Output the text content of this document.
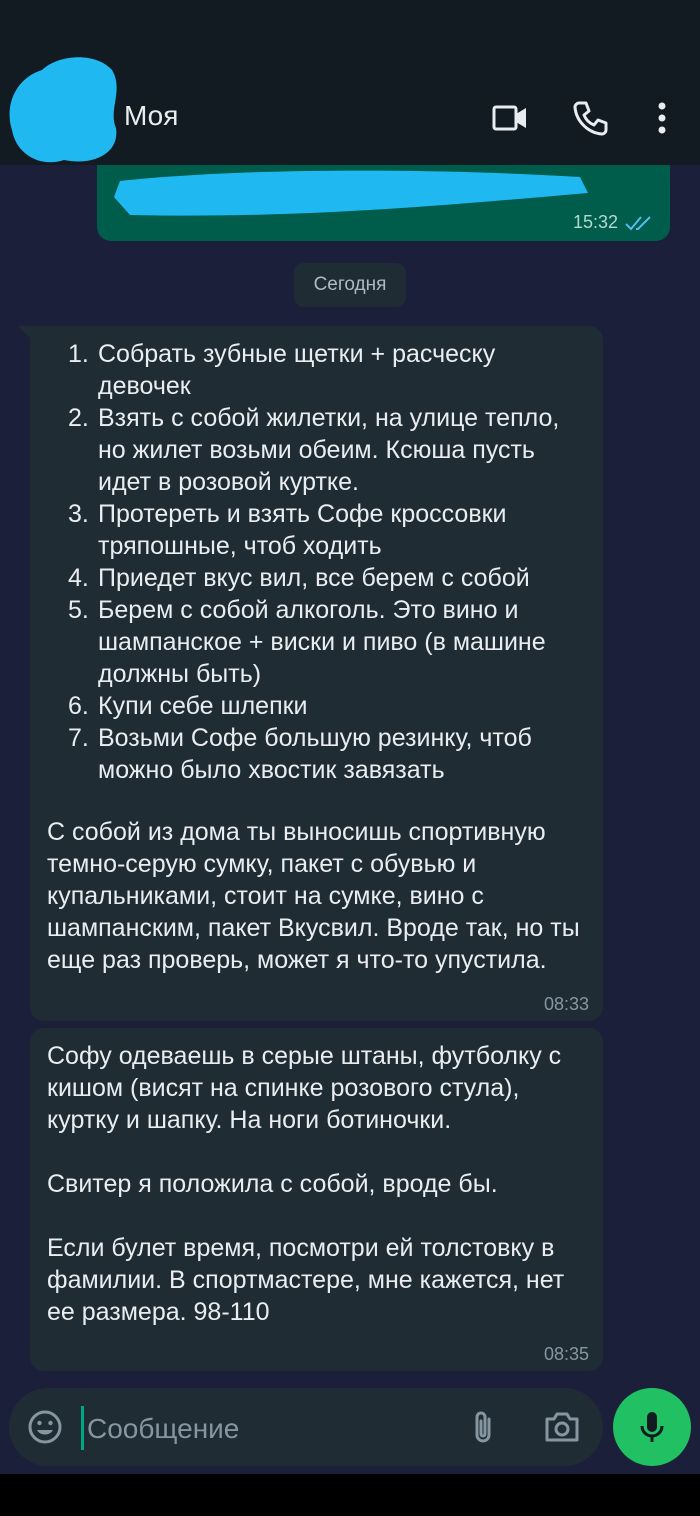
Моя
15:32
Сегодня
1. Собрать зубные щетки + расческу девочек
2. Взять с собой жилетки, на улице тепло, но жилет возьми обеим. Ксюша пусть идет в розовой куртке.
3. Протереть и взять Софе кроссовки тряпошные, чтоб ходить
4. Приедет вкус вил, все берем с собой
5. Берем с собой алкоголь. Это вино и шампанское + виски и пиво (в машине должны быть)
6. Купи себе шлепки
7. Возьми Софе большую резинку, чтоб можно было хвостик завязать
С собой из дома ты выносишь спортивную темно-серую сумку, пакет с обувью и купальниками, стоит на сумке, вино с шампанским, пакет Вкусвил. Вроде так, но ты еще раз проверь, может я что-то упустила.
08:33
Софу одеваешь в серые штаны, футболку с кишом (висят на спинке розового стула), куртку и шапку. На ноги ботиночки.

Свитер я положила с собой, вроде бы.

Если булет время, посмотри ей толстовку в фамилии. В спортмастере, мне кажется, нет ее размера. 98-110
08:35
Сообщение
